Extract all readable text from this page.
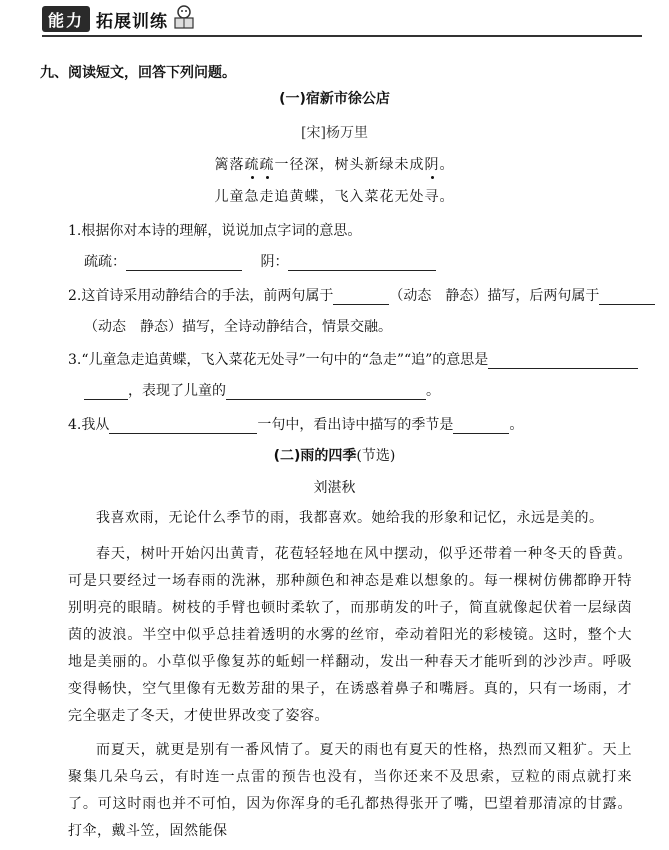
能力 拓展训练
九、阅读短文，回答下列问题。
(一)宿新市徐公店
[宋]杨万里
篱落疏疏一径深，树头新绿未成阴。
儿童急走追黄蝶，飞入菜花无处寻。
1.根据你对本诗的理解，说说加点字词的意思。
疏疏：	阴：
2.这首诗采用动静结合的手法，前两句属于	（动态　静态）描写，后两句属于
（动态　静态）描写，全诗动静结合，情景交融。
3.“儿童急走追黄蝶，飞入菜花无处寻”一句中的“急走”“追”的意思是
，表现了儿童的	。
4.我从	一句中，看出诗中描写的季节是	。
(二)雨的四季(节选)
刘湛秋
我喜欢雨，无论什么季节的雨，我都喜欢。她给我的形象和记忆，永远是美的。
春天，树叶开始闪出黄青，花苞轻轻地在风中摆动，似乎还带着一种冬天的昏黄。可是只要经过一场春雨的洗淋，那种颜色和神态是难以想象的。每一棵树仿佛都睁开特别明亮的眼睛。树枝的手臂也顿时柔软了，而那萌发的叶子，简直就像起伏着一层绿茵茵的波浪。半空中似乎总挂着透明的水雾的丝帘，牵动着阳光的彩棱镜。这时，整个大地是美丽的。小草似乎像复苏的蚯蚓一样翻动，发出一种春天才能听到的沙沙声。呼吸变得畅快，空气里像有无数芳甜的果子，在诱惑着鼻子和嘴唇。真的，只有一场雨，才完全驱走了冬天，才使世界改变了姿容。
而夏天，就更是别有一番风情了。夏天的雨也有夏天的性格，热烈而又粗犷。天上聚集几朵乌云，有时连一点雷的预告也没有，当你还来不及思索，豆粒的雨点就打来了。可这时雨也并不可怕，因为你浑身的毛孔都热得张开了嘴，巴望着那清凉的甘露。打伞，戴斗笠，固然能保
